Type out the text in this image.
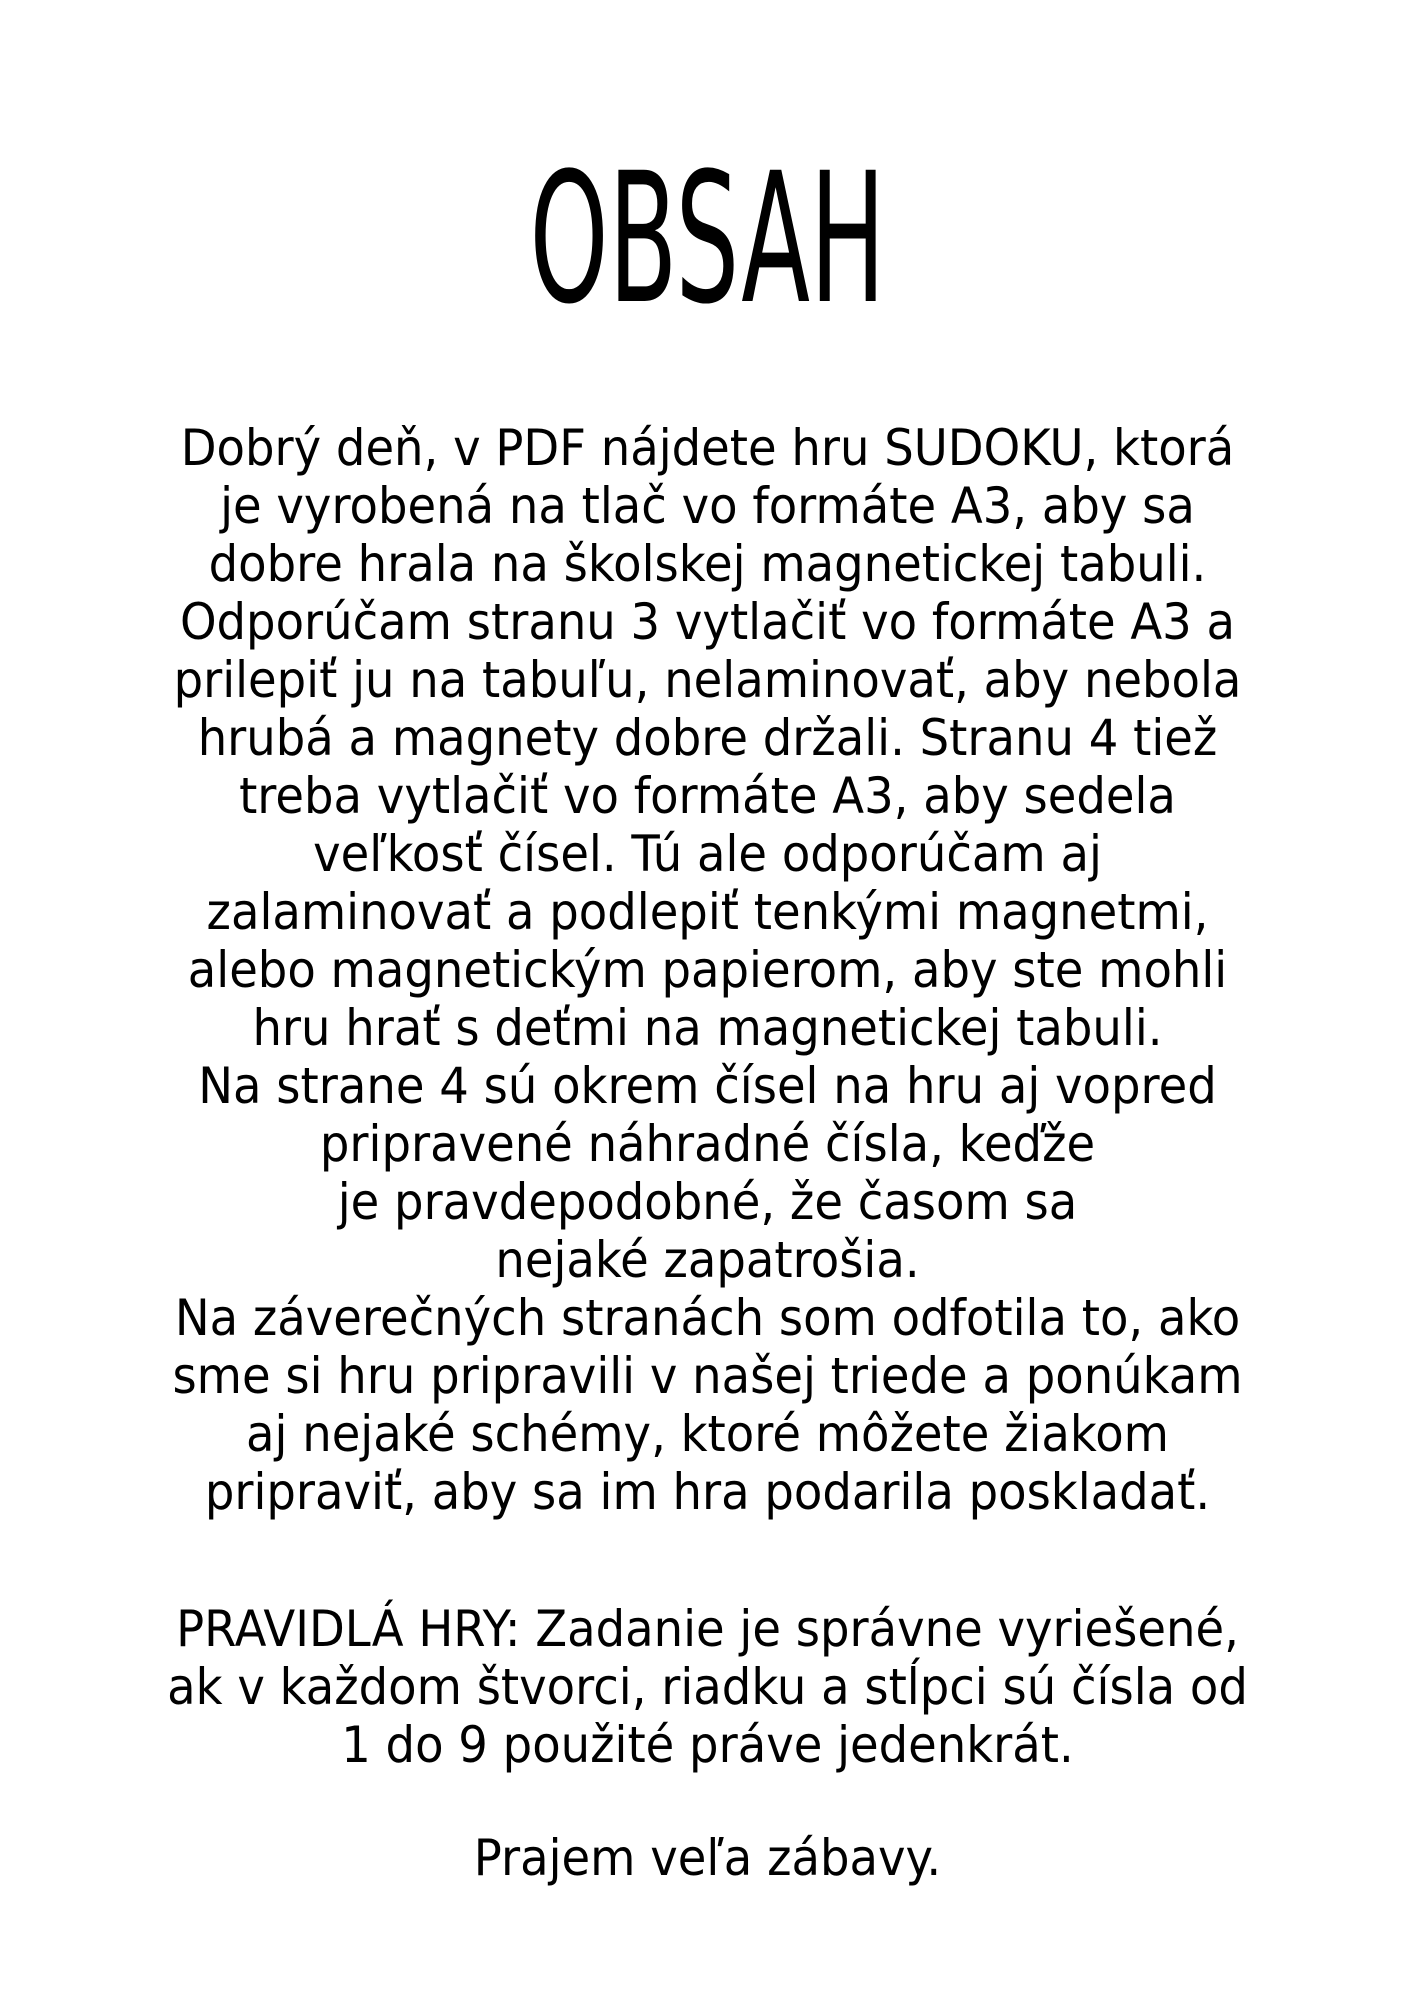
OBSAH
Dobrý deň, v PDF nájdete hru SUDOKU, ktorá
je vyrobená na tlač vo formáte A3, aby sa
dobre hrala na školskej magnetickej tabuli.
Odporúčam stranu 3 vytlačiť vo formáte A3 a
prilepiť ju na tabuľu, nelaminovať, aby nebola
hrubá a magnety dobre držali. Stranu 4 tiež
treba vytlačiť vo formáte A3, aby sedela
veľkosť čísel. Tú ale odporúčam aj
zalaminovať a podlepiť tenkými magnetmi,
alebo magnetickým papierom, aby ste mohli
hru hrať s deťmi na magnetickej tabuli.
Na strane 4 sú okrem čísel na hru aj vopred
pripravené náhradné čísla, keďže
je pravdepodobné, že časom sa
nejaké zapatrošia.
Na záverečných stranách som odfotila to, ako
sme si hru pripravili v našej triede a ponúkam
aj nejaké schémy, ktoré môžete žiakom
pripraviť, aby sa im hra podarila poskladať.
PRAVIDLÁ HRY: Zadanie je správne vyriešené,
ak v každom štvorci, riadku a stĺpci sú čísla od
1 do 9 použité práve jedenkrát.
Prajem veľa zábavy.
